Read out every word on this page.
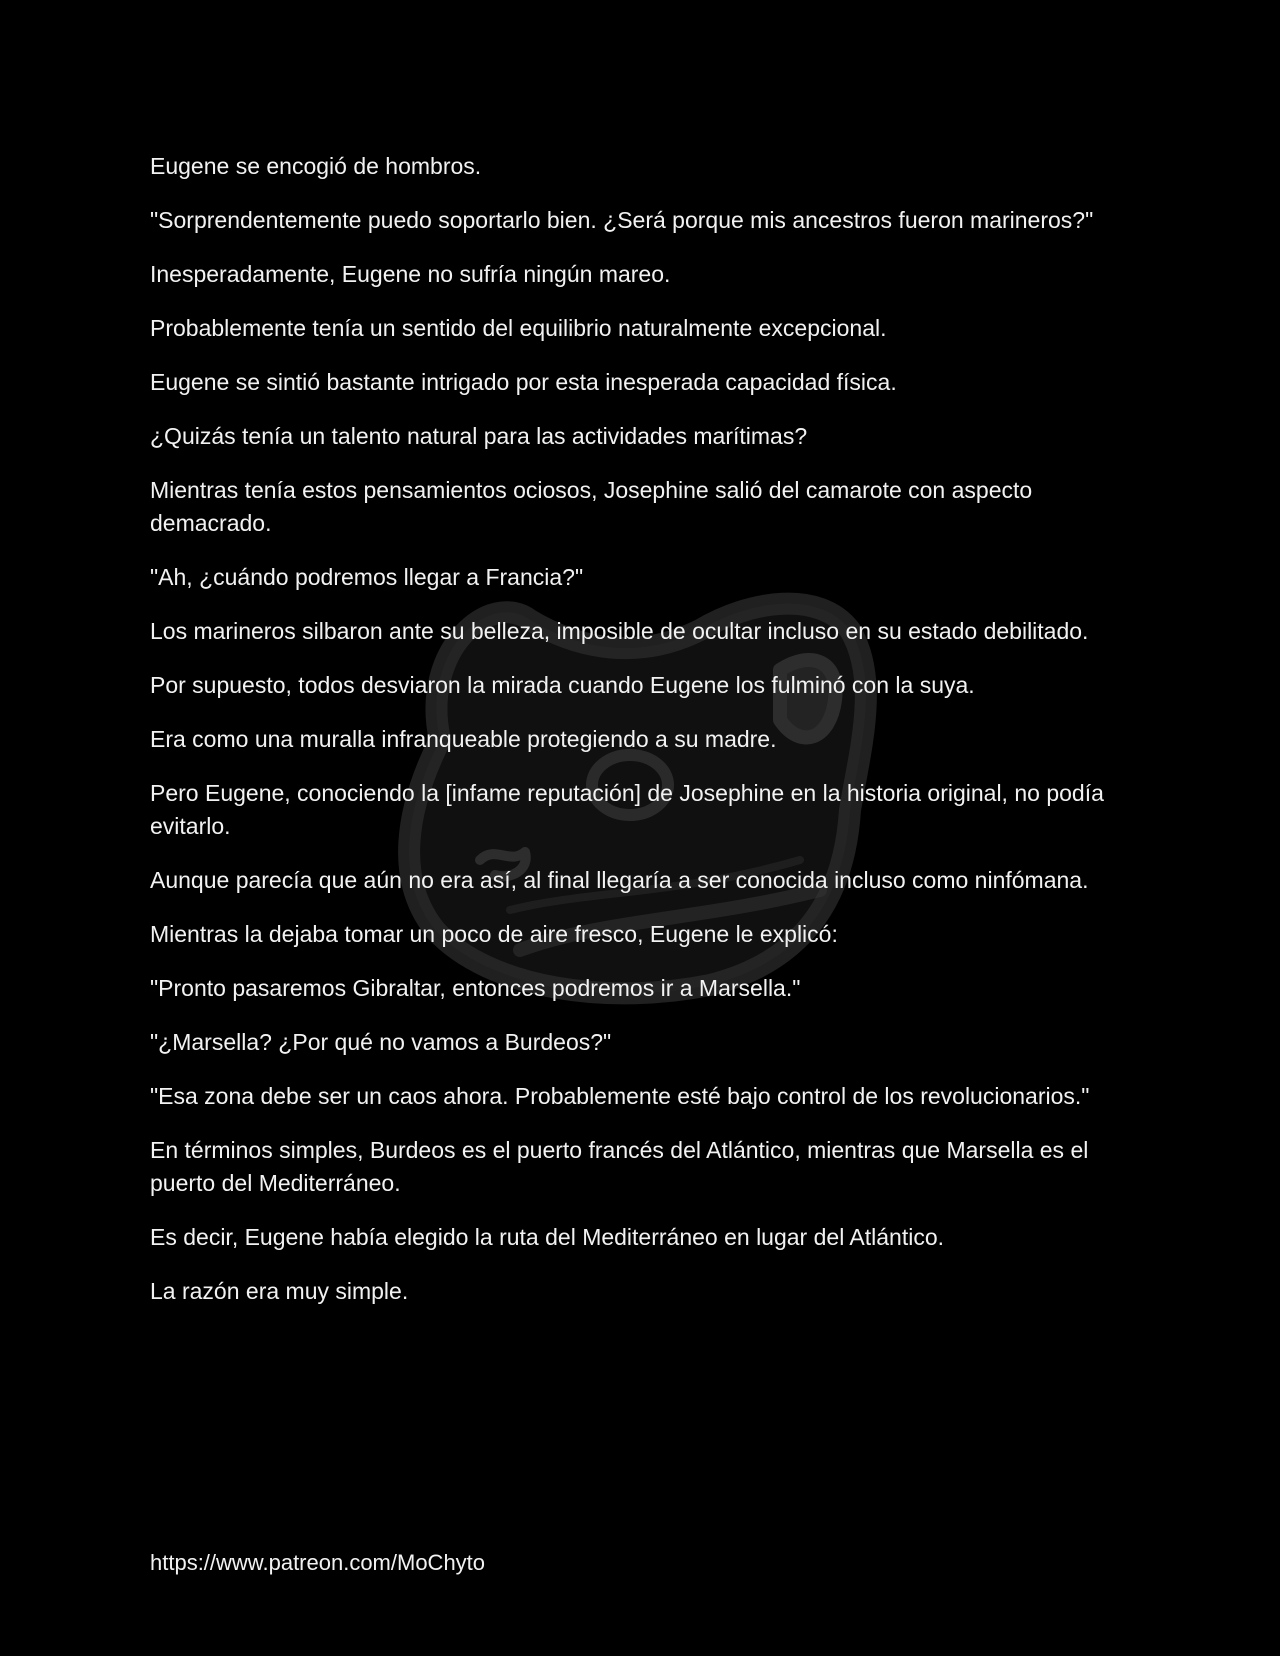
Eugene se encogió de hombros.

"Sorprendentemente puedo soportarlo bien. ¿Será porque mis ancestros fueron marineros?"

Inesperadamente, Eugene no sufría ningún mareo.

Probablemente tenía un sentido del equilibrio naturalmente excepcional.

Eugene se sintió bastante intrigado por esta inesperada capacidad física.

¿Quizás tenía un talento natural para las actividades marítimas?

Mientras tenía estos pensamientos ociosos, Josephine salió del camarote con aspecto demacrado.

"Ah, ¿cuándo podremos llegar a Francia?"

Los marineros silbaron ante su belleza, imposible de ocultar incluso en su estado debilitado.

Por supuesto, todos desviaron la mirada cuando Eugene los fulminó con la suya.

Era como una muralla infranqueable protegiendo a su madre.

Pero Eugene, conociendo la [infame reputación] de Josephine en la historia original, no podía evitarlo.

Aunque parecía que aún no era así, al final llegaría a ser conocida incluso como ninfómana.

Mientras la dejaba tomar un poco de aire fresco, Eugene le explicó:

"Pronto pasaremos Gibraltar, entonces podremos ir a Marsella."

"¿Marsella? ¿Por qué no vamos a Burdeos?"

"Esa zona debe ser un caos ahora. Probablemente esté bajo control de los revolucionarios."

En términos simples, Burdeos es el puerto francés del Atlántico, mientras que Marsella es el puerto del Mediterráneo.

Es decir, Eugene había elegido la ruta del Mediterráneo en lugar del Atlántico.

La razón era muy simple.

https://www.patreon.com/MoChyto
